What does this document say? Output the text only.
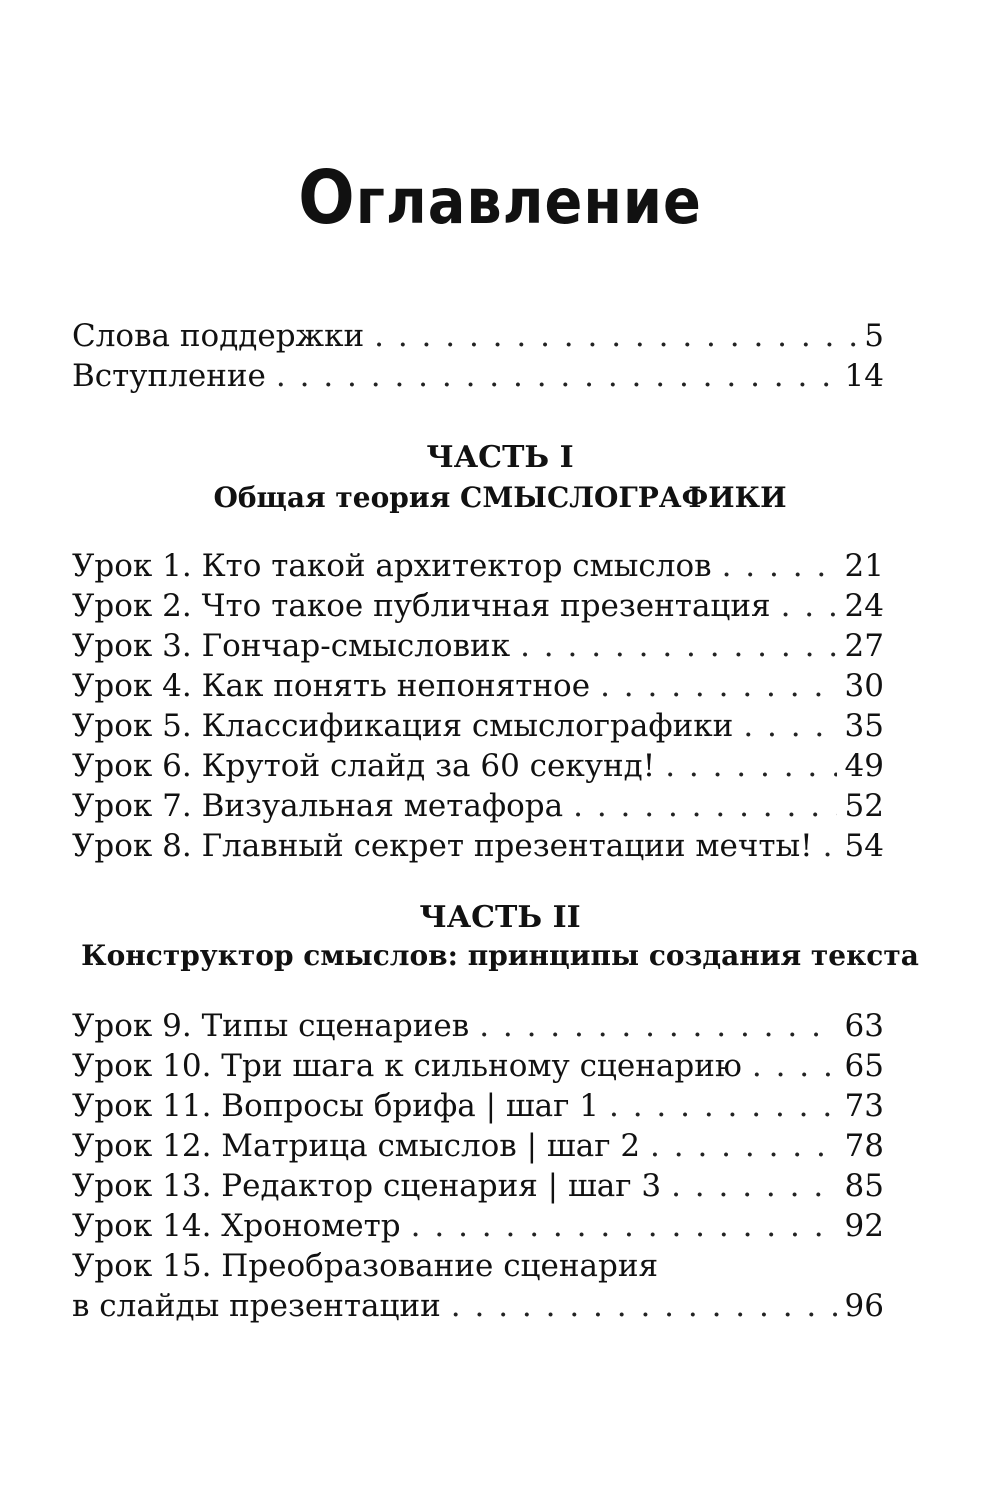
Оглавление
Слова поддержки . . .	5
Вступление . . .	14
ЧАСТЬ I
Общая теория СМЫСЛОГРАФИКИ
Урок 1. Кто такой архитектор смыслов . . .	21
Урок 2. Что такое публичная презентация . . . 24
Урок 3. Гончар-смысловик . . .	27
Урок 4. Как понять непонятное . . .	30
Урок 5. Классификация смыслографики . . .	35
Урок 6. Крутой слайд за 60 секунд! . . .	49
Урок 7. Визуальная метафора . . .	52
Урок 8. Главный секрет презентации мечты! . . . 54
ЧАСТЬ II
Конструктор смыслов: принципы создания текста
Урок 9. Типы сценариев . . .	63
Урок 10. Три шага к сильному сценарию . . .	65
Урок 11. Вопросы брифа | шаг 1 . . .	73
Урок 12. Матрица смыслов | шаг 2 . . .	78
Урок 13. Редактор сценария | шаг 3 . . .	85
Урок 14. Хронометр . . .	92
Урок 15. Преобразование сценария
в слайды презентации . . .	96
